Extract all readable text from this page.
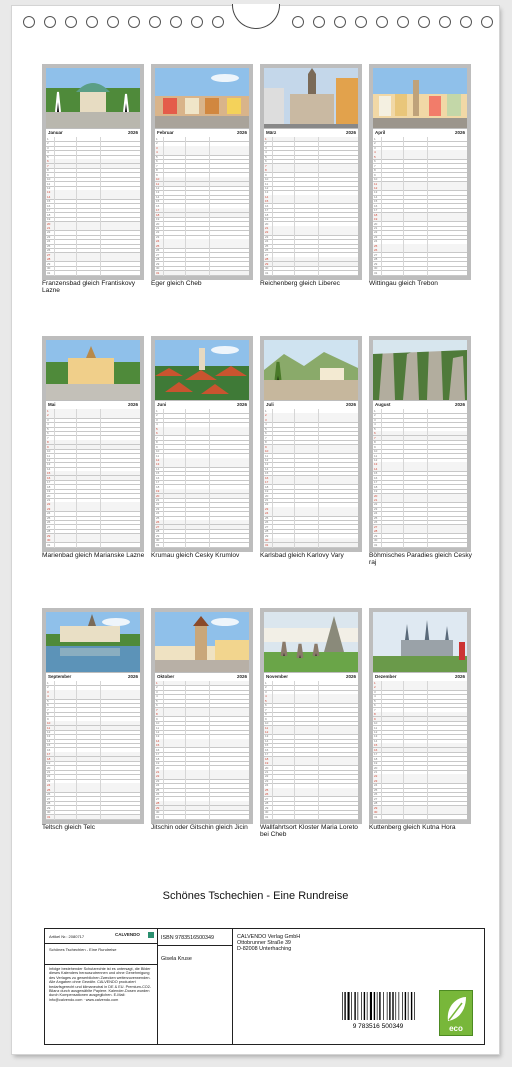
Januar	2026
1
2
3
4
5
6
7
8
9
10
11
12
13
14
15
16
17
18
19
20
21
22
23
24
25
26
27
28
29
30
31
Franzensbad gleich Frantiskovy Lazne
Februar	2026
1
2
3
4
5
6
7
8
9
10
11
12
13
14
15
16
17
18
19
20
21
22
23
24
25
26
27
28
29
30
31
Eger gleich Cheb
März	2026
1
2
3
4
5
6
7
8
9
10
11
12
13
14
15
16
17
18
19
20
21
22
23
24
25
26
27
28
29
30
31
Reichenberg gleich Liberec
April	2026
1
2
3
4
5
6
7
8
9
10
11
12
13
14
15
16
17
18
19
20
21
22
23
24
25
26
27
28
29
30
31
Wittingau gleich Trebon
Mai	2026
1
2
3
4
5
6
7
8
9
10
11
12
13
14
15
16
17
18
19
20
21
22
23
24
25
26
27
28
29
30
31
Marienbad gleich Marianske Lazne
Juni	2026
1
2
3
4
5
6
7
8
9
10
11
12
13
14
15
16
17
18
19
20
21
22
23
24
25
26
27
28
29
30
31
Krumau gleich Cesky Krumlov
Juli	2026
1
2
3
4
5
6
7
8
9
10
11
12
13
14
15
16
17
18
19
20
21
22
23
24
25
26
27
28
29
30
31
Karlsbad gleich Karlovy Vary
August	2026
1
2
3
4
5
6
7
8
9
10
11
12
13
14
15
16
17
18
19
20
21
22
23
24
25
26
27
28
29
30
31
Böhmisches Paradies gleich Cesky raj
September	2026
1
2
3
4
5
6
7
8
9
10
11
12
13
14
15
16
17
18
19
20
21
22
23
24
25
26
27
28
29
30
31
Teltsch gleich Telc
Oktober	2026
1
2
3
4
5
6
7
8
9
10
11
12
13
14
15
16
17
18
19
20
21
22
23
24
25
26
27
28
29
30
31
Jitschin oder Gitschin gleich Jicin
November	2026
1
2
3
4
5
6
7
8
9
10
11
12
13
14
15
16
17
18
19
20
21
22
23
24
25
26
27
28
29
30
31
Wallfahrtsort Kloster Maria Loreto bei Cheb
Dezember	2026
1
2
3
4
5
6
7
8
9
10
11
12
13
14
15
16
17
18
19
20
21
22
23
24
25
26
27
28
29
30
31
Kuttenberg gleich Kutna Hora
Schönes Tschechien - Eine Rundreise
Artikel Nr.: 2080717	CALVENDO
Schönes Tschechien - Eine Rundreise
Infolge bestehender Schutzrechte ist es untersagt, die Bilder dieses Kalenders herauszutrennen und ohne Genehmigung des Verlages zu gewerblichen Zwecken weiterzuverwenden. Alle Angaben ohne Gewähr. CALVENDO produziert bedarfsgerecht und klimaneutral in DE & EU. Premium-CO2-Bilanz durch ausgewählte Papiere. Kalender-Dosen wurden durch Kompensationen ausgeglichen. E-Mail: info@calvendo.com · www.calvendo.com
ISBN 9783516500349
Gisela Kruse
CALVENDO Verlag GmbH
Ottobrunner Straße 39
D-82008 Unterhaching
9 783516 500349	eco
